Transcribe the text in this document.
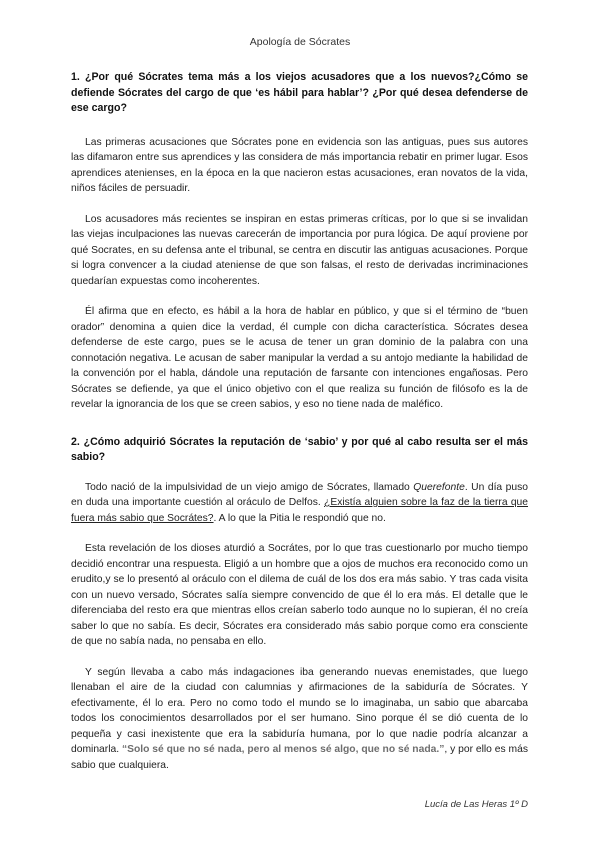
Apología de Sócrates

1. ¿Por qué Sócrates tema más a los viejos acusadores que a los nuevos?¿Cómo se defiende Sócrates del cargo de que ‘es hábil para hablar’? ¿Por qué desea defenderse de ese cargo?

Las primeras acusaciones que Sócrates pone en evidencia son las antiguas, pues sus autores las difamaron entre sus aprendices y las considera de más importancia rebatir en primer lugar. Esos aprendices atenienses, en la época en la que nacieron estas acusaciones, eran novatos de la vida, niños fáciles de persuadir.

Los acusadores más recientes se inspiran en estas primeras críticas, por lo que si se invalidan las viejas inculpaciones las nuevas carecerán de importancia por pura lógica. De aquí proviene por qué Socrates, en su defensa ante el tribunal, se centra en discutir las antiguas acusaciones. Porque si logra convencer a la ciudad ateniense de que son falsas, el resto de derivadas incriminaciones quedarían expuestas como incoherentes.

Él afirma que en efecto, es hábil a la hora de hablar en público, y que si el término de “buen orador” denomina a quien dice la verdad, él cumple con dicha característica. Sócrates desea defenderse de este cargo, pues se le acusa de tener un gran dominio de la palabra con una connotación negativa. Le acusan de saber manipular la verdad a su antojo mediante la habilidad de la convención por el habla, dándole una reputación de farsante con intenciones engañosas. Pero Sócrates se defiende, ya que el único objetivo con el que realiza su función de filósofo es la de revelar la ignorancia de los que se creen sabios, y eso no tiene nada de maléfico.

2. ¿Cómo adquirió Sócrates la reputación de ‘sabio’ y por qué al cabo resulta ser el más sabio?

Todo nació de la impulsividad de un viejo amigo de Sócrates, llamado Querefonte. Un día puso en duda una importante cuestión al oráculo de Delfos. ¿Existía alguien sobre la faz de la tierra que fuera más sabio que Socrátes?. A lo que la Pitia le respondió que no.

Esta revelación de los dioses aturdió a Socrátes, por lo que tras cuestionarlo por mucho tiempo decidió encontrar una respuesta. Eligió a un hombre que a ojos de muchos era reconocido como un erudito,y se lo presentó al oráculo con el dilema de cuál de los dos era más sabio. Y tras cada visita con un nuevo versado, Sócrates salía siempre convencido de que él lo era más. El detalle que le diferenciaba del resto era que mientras ellos creían saberlo todo aunque no lo supieran, él no creía saber lo que no sabía. Es decir, Sócrates era considerado más sabio porque como era consciente de que no sabía nada, no pensaba en ello.

Y según llevaba a cabo más indagaciones iba generando nuevas enemistades, que luego llenaban el aire de la ciudad con calumnias y afirmaciones de la sabiduría de Sócrates. Y efectivamente, él lo era. Pero no como todo el mundo se lo imaginaba, un sabio que abarcaba todos los conocimientos desarrollados por el ser humano. Sino porque él se dió cuenta de lo pequeña y casi inexistente que era la sabiduría humana, por lo que nadie podría alcanzar a dominarla. “Solo sé que no sé nada, pero al menos sé algo, que no sé nada.”, y por ello es más sabio que cualquiera.

Lucía de Las Heras 1º D
